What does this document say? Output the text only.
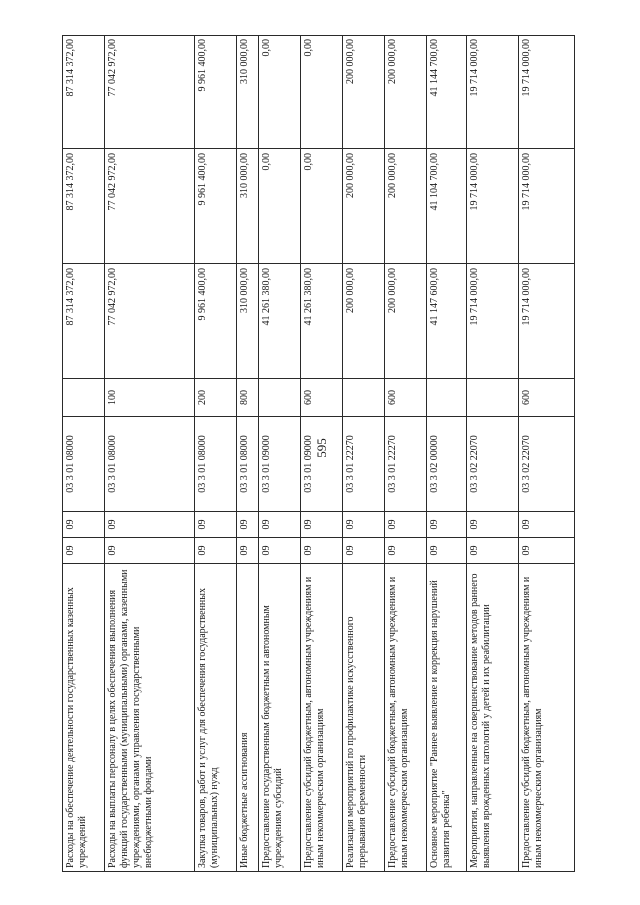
595
Расходы на обеспечение деятельности государственных казенных учреждений
09
09
03 3 01 08000
87 314 372,00
87 314 372,00
87 314 372,00
Расходы на выплаты персоналу в целях обеспечения выполнения функций государственными (муниципальными) органами, казенными учреждениями, органами управления государственными внебюджетными фондами
09
09
03 3 01 08000
100
77 042 972,00
77 042 972,00
77 042 972,00
Закупка товаров, работ и услуг для обеспечения государственных (муниципальных) нужд
09
09
03 3 01 08000
200
9 961 400,00
9 961 400,00
9 961 400,00
Иные бюджетные ассигнования
09
09
03 3 01 08000
800
310 000,00
310 000,00
310 000,00
Предоставление государственным бюджетным и автономным учреждениям субсидий
09
09
03 3 01 09000
41 261 380,00
0,00
0,00
Предоставление субсидий бюджетным, автономным учреждениям и иным некоммерческим организациям
09
09
03 3 01 09000
600
41 261 380,00
0,00
0,00
Реализация мероприятий по профилактике искусственного прерывания беременности
09
09
03 3 01 22270
200 000,00
200 000,00
200 000,00
Предоставление субсидий бюджетным, автономным учреждениям и иным некоммерческим организациям
09
09
03 3 01 22270
600
200 000,00
200 000,00
200 000,00
Основное мероприятие "Раннее выявление и коррекция нарушений развития ребенка"
09
09
03 3 02 00000
41 147 600,00
41 104 700,00
41 144 700,00
Мероприятия, направленные на совершенствование методов раннего выявления врожденных патологий у детей и их реабилитации
09
09
03 3 02 22070
19 714 000,00
19 714 000,00
19 714 000,00
Предоставление субсидий бюджетным, автономным учреждениям и иным некоммерческим организациям
09
09
03 3 02 22070
600
19 714 000,00
19 714 000,00
19 714 000,00
